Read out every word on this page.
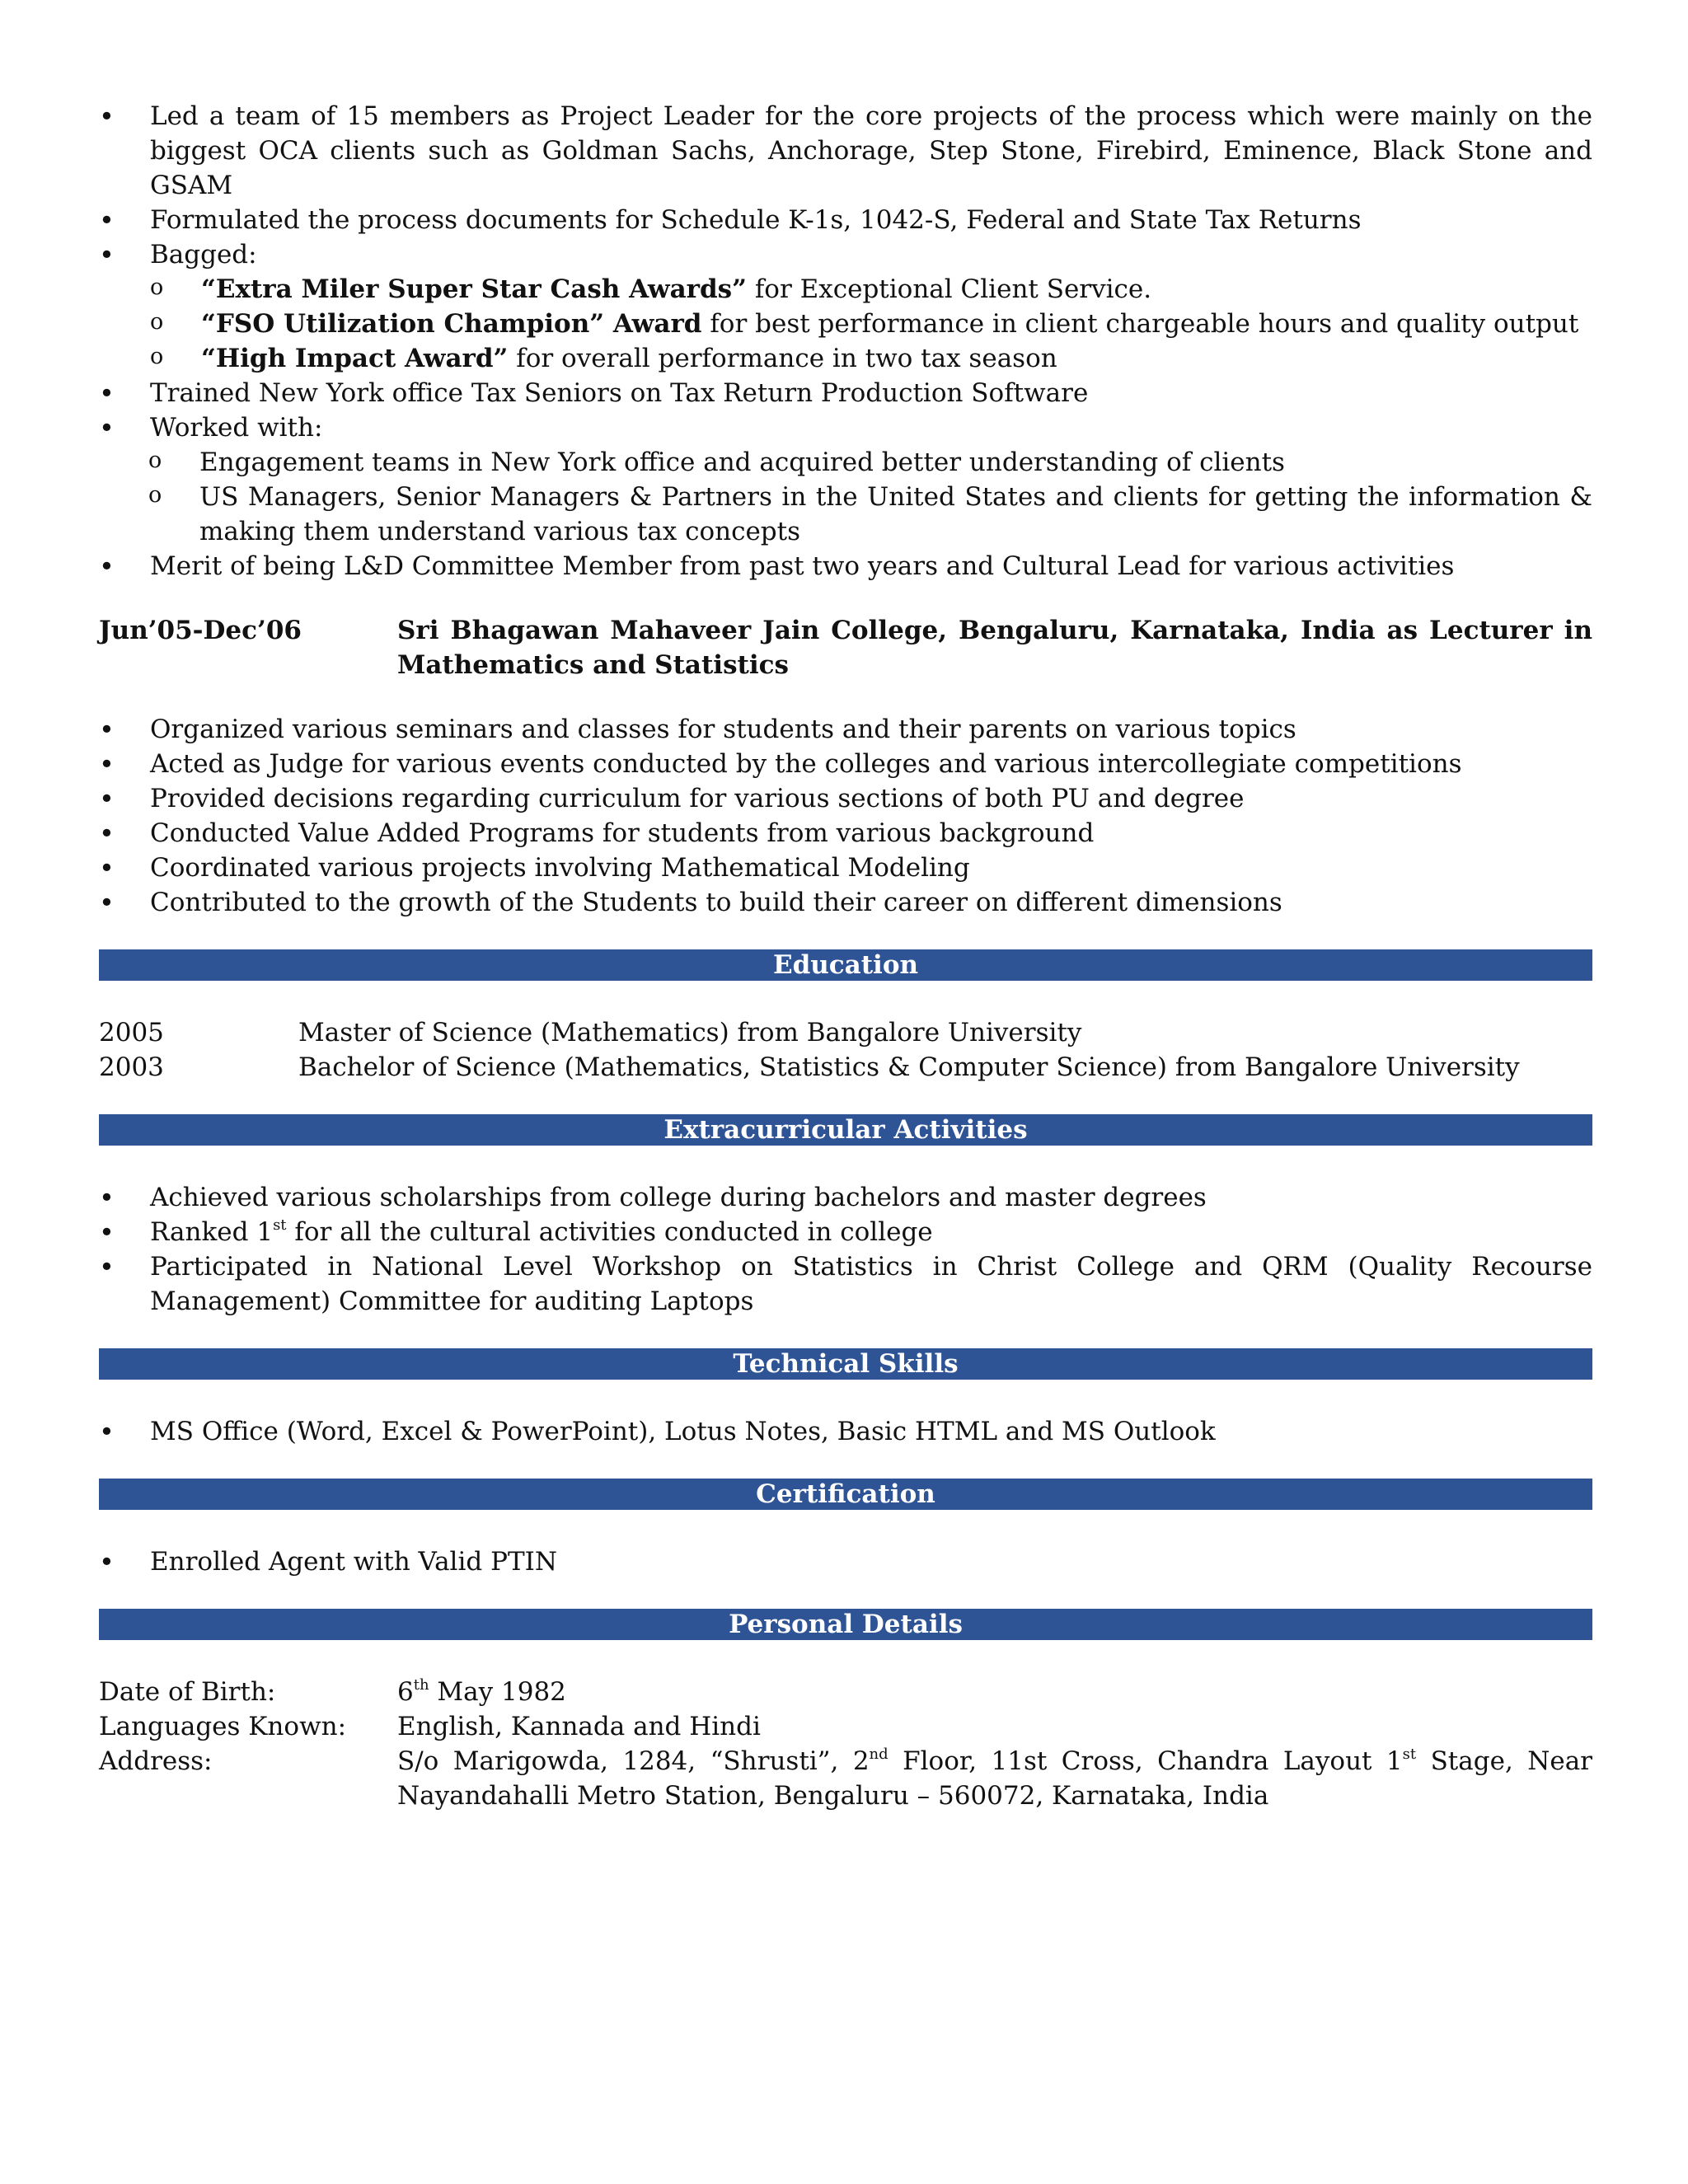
• Led a team of 15 members as Project Leader for the core projects of the process which were mainly on the biggest OCA clients such as Goldman Sachs, Anchorage, Step Stone, Firebird, Eminence, Black Stone and GSAM
• Formulated the process documents for Schedule K-1s, 1042-S, Federal and State Tax Returns
• Bagged:
o “Extra Miler Super Star Cash Awards” for Exceptional Client Service.
o “FSO Utilization Champion” Award for best performance in client chargeable hours and quality output
o “High Impact Award” for overall performance in two tax season
• Trained New York office Tax Seniors on Tax Return Production Software
• Worked with:
o Engagement teams in New York office and acquired better understanding of clients
o US Managers, Senior Managers & Partners in the United States and clients for getting the information & making them understand various tax concepts
• Merit of being L&D Committee Member from past two years and Cultural Lead for various activities
Jun’05-Dec’06	Sri Bhagawan Mahaveer Jain College, Bengaluru, Karnataka, India as Lecturer in Mathematics and Statistics
• Organized various seminars and classes for students and their parents on various topics
• Acted as Judge for various events conducted by the colleges and various intercollegiate competitions
• Provided decisions regarding curriculum for various sections of both PU and degree
• Conducted Value Added Programs for students from various background
• Coordinated various projects involving Mathematical Modeling
• Contributed to the growth of the Students to build their career on different dimensions
Education
2005	Master of Science (Mathematics) from Bangalore University
2003	Bachelor of Science (Mathematics, Statistics & Computer Science) from Bangalore University
Extracurricular Activities
• Achieved various scholarships from college during bachelors and master degrees
• Ranked 1st for all the cultural activities conducted in college
• Participated in National Level Workshop on Statistics in Christ College and QRM (Quality Recourse Management) Committee for auditing Laptops
Technical Skills
• MS Office (Word, Excel & PowerPoint), Lotus Notes, Basic HTML and MS Outlook
Certification
• Enrolled Agent with Valid PTIN
Personal Details
Date of Birth:	6th May 1982
Languages Known:	English, Kannada and Hindi
Address:	S/o Marigowda, 1284, “Shrusti”, 2nd Floor, 11st Cross, Chandra Layout 1st Stage, Near Nayandahalli Metro Station, Bengaluru – 560072, Karnataka, India
